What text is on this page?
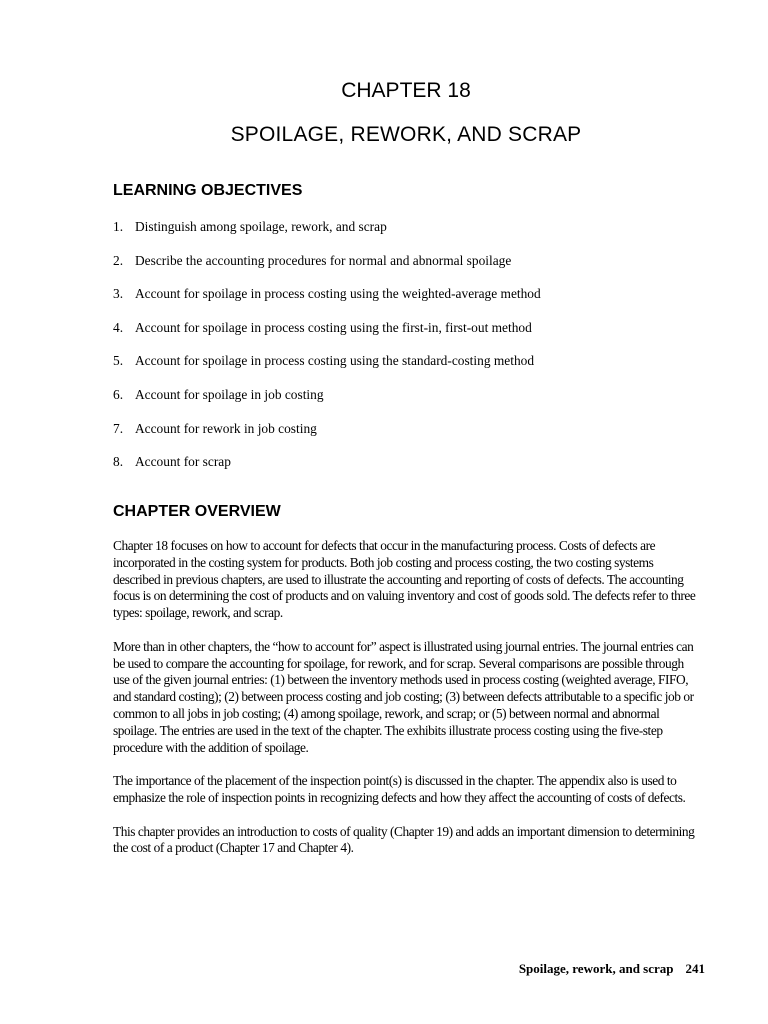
CHAPTER 18
SPOILAGE, REWORK, AND SCRAP
LEARNING OBJECTIVES
1. Distinguish among spoilage, rework, and scrap
2. Describe the accounting procedures for normal and abnormal spoilage
3. Account for spoilage in process costing using the weighted-average method
4. Account for spoilage in process costing using the first-in, first-out method
5. Account for spoilage in process costing using the standard-costing method
6. Account for spoilage in job costing
7. Account for rework in job costing
8. Account for scrap
CHAPTER OVERVIEW

Chapter 18 focuses on how to account for defects that occur in the manufacturing process. Costs of defects are incorporated in the costing system for products. Both job costing and process costing, the two costing systems described in previous chapters, are used to illustrate the accounting and reporting of costs of defects. The accounting focus is on determining the cost of products and on valuing inventory and cost of goods sold. The defects refer to three types: spoilage, rework, and scrap.

More than in other chapters, the “how to account for” aspect is illustrated using journal entries. The journal entries can be used to compare the accounting for spoilage, for rework, and for scrap. Several comparisons are possible through use of the given journal entries: (1) between the inventory methods used in process costing (weighted average, FIFO, and standard costing); (2) between process costing and job costing; (3) between defects attributable to a specific job or common to all jobs in job costing; (4) among spoilage, rework, and scrap; or (5) between normal and abnormal spoilage. The entries are used in the text of the chapter. The exhibits illustrate process costing using the five-step procedure with the addition of spoilage.

The importance of the placement of the inspection point(s) is discussed in the chapter. The appendix also is used to emphasize the role of inspection points in recognizing defects and how they affect the accounting of costs of defects.

This chapter provides an introduction to costs of quality (Chapter 19) and adds an important dimension to determining the cost of a product (Chapter 17 and Chapter 4).

Spoilage, rework, and scrap 241
